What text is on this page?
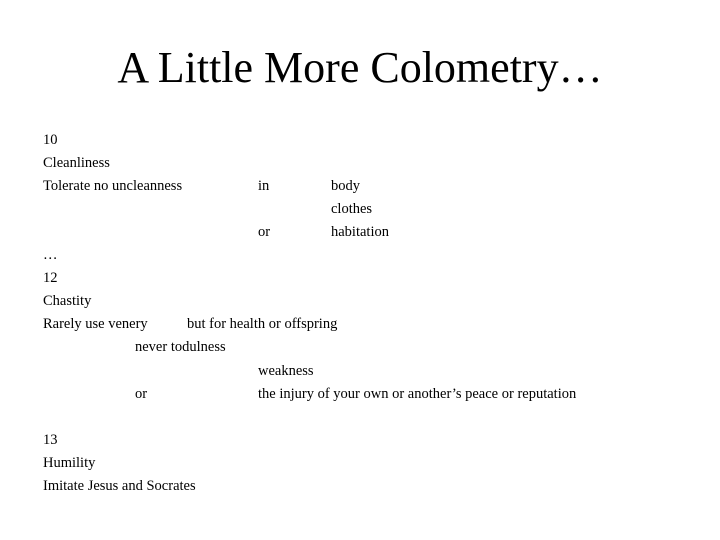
A Little More Colometry…
10
Cleanliness
Tolerate no uncleanness	in	body
clothes
or	habitation
…
12
Chastity
Rarely use venery	but for health or offspring
never todulness
weakness
or	the injury of your own or another’s peace or reputation
13
Humility
Imitate Jesus and Socrates
